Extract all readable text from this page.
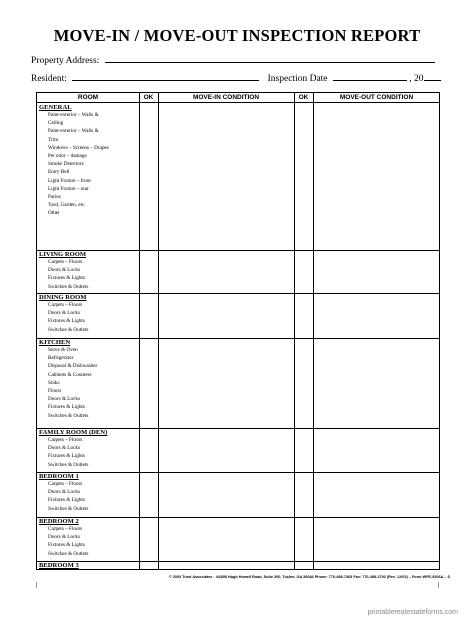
MOVE-IN / MOVE-OUT INSPECTION REPORT
Property Address:
Resident:	Inspection Date	, 20
ROOM	OK	MOVE-IN CONDITION	OK	MOVE-OUT CONDITION
GENERAL
Paint-exterior – Walls &
Ceiling
Paint-exterior – Walls &
Trim
Windows – Screens – Drapes
Pet odor – damage
Smoke Detectors
Entry Bell
Light Fixture – front
Light Fixture – rear
Patios
Yard, Garden, etc.
Other
LIVING ROOM
Carpets – Floors
Doors & Locks
Fixtures & Lights
Switches & Outlets
DINING ROOM
Carpets – Floors
Doors & Locks
Fixtures & Lights
Switches & Outlets
KITCHEN
Stove & Oven
Refrigerator
Disposal & Dishwasher
Cabinets & Counters
Sinks
Floors
Doors & Locks
Fixtures & Lights
Switches & Outlets
FAMILY ROOM (DEN)
Carpets – Floors
Doors & Locks
Fixtures & Lights
Switches & Outlets
BEDROOM 1
Carpets – Floors
Doors & Locks
Fixtures & Lights
Switches & Outlets
BEDROOM 2
Carpets – Floors
Doors & Locks
Fixtures & Lights
Switches & Outlets
BEDROOM 3
© 2003 Trust Associates · 4426B Hugh Howell Road, Suite 200, Tucker, GA 30084 Phone: 770-498-7403 Fax: 770-498-2792 (Rev. 12/03) – Form WFE-9206A – S
printablerealestateforms.com
